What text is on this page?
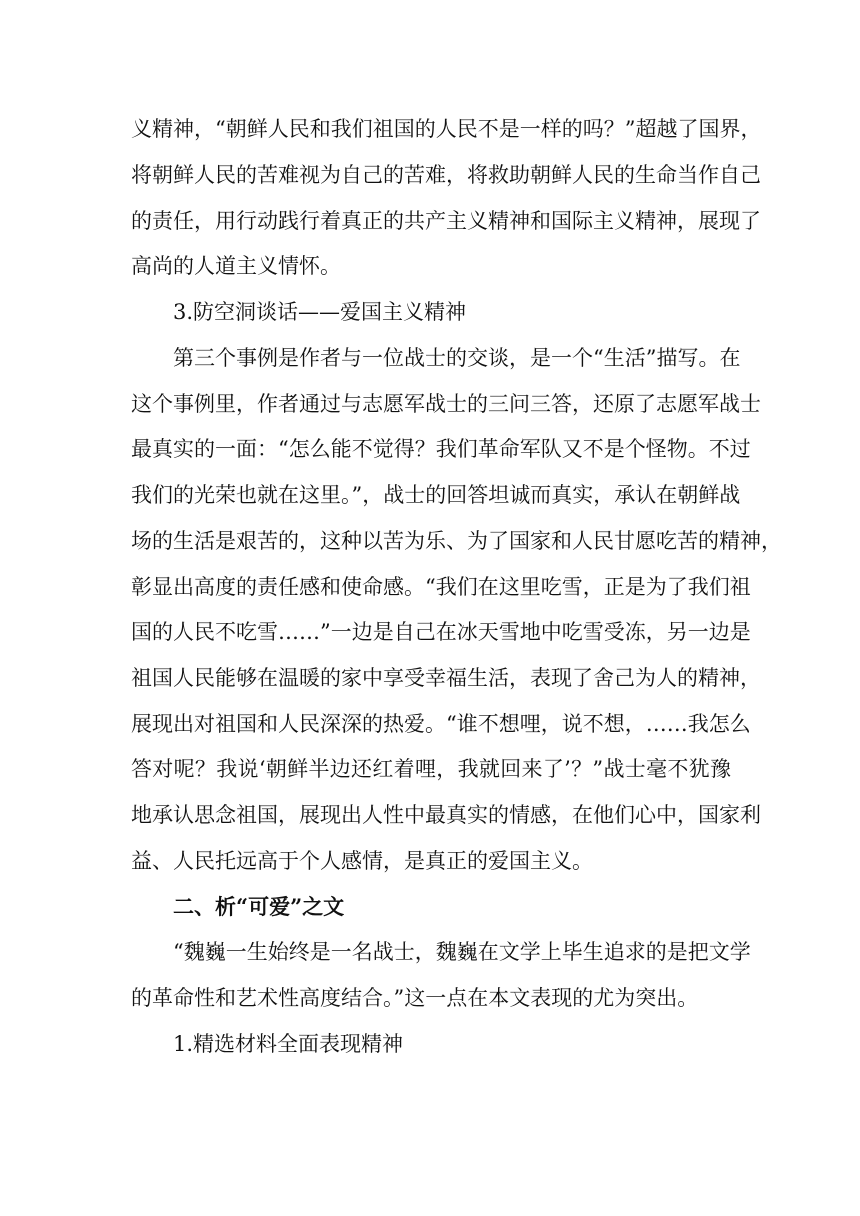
义精神，“朝鲜人民和我们祖国的人民不是一样的吗？”超越了国界，
将朝鲜人民的苦难视为自己的苦难，将救助朝鲜人民的生命当作自己
的责任，用行动践行着真正的共产主义精神和国际主义精神，展现了
高尚的人道主义情怀。
3.防空洞谈话——爱国主义精神
第三个事例是作者与一位战士的交谈，是一个“生活”描写。在
这个事例里，作者通过与志愿军战士的三问三答，还原了志愿军战士
最真实的一面：“怎么能不觉得？我们革命军队又不是个怪物。不过
我们的光荣也就在这里。”，战士的回答坦诚而真实，承认在朝鲜战
场的生活是艰苦的，这种以苦为乐、为了国家和人民甘愿吃苦的精神，
彰显出高度的责任感和使命感。“我们在这里吃雪，正是为了我们祖
国的人民不吃雪……”一边是自己在冰天雪地中吃雪受冻，另一边是
祖国人民能够在温暖的家中享受幸福生活，表现了舍己为人的精神，
展现出对祖国和人民深深的热爱。“谁不想哩，说不想，……我怎么
答对呢？我说‘朝鲜半边还红着哩，我就回来了’？”战士毫不犹豫
地承认思念祖国，展现出人性中最真实的情感，在他们心中，国家利
益、人民托远高于个人感情，是真正的爱国主义。
二、析“可爱”之文
“魏巍一生始终是一名战士，魏巍在文学上毕生追求的是把文学
的革命性和艺术性高度结合。”这一点在本文表现的尤为突出。
1.精选材料全面表现精神
